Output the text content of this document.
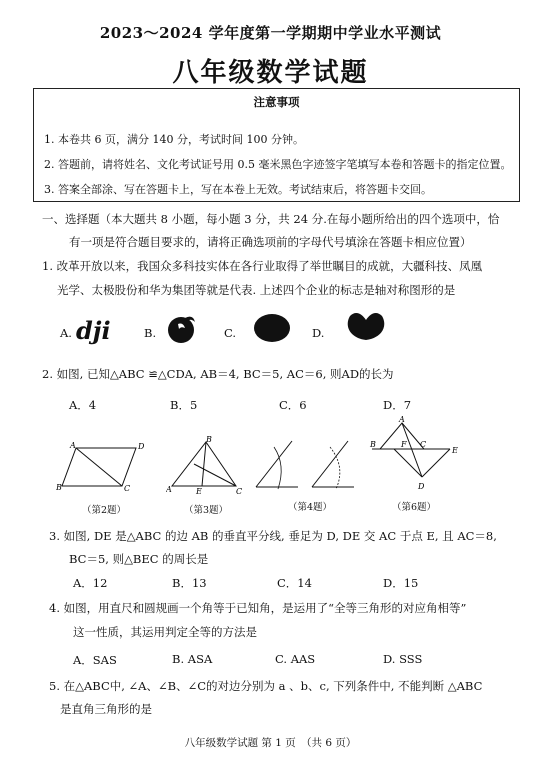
2023～2024 学年度第一学期期中学业水平测试
八年级数学试题
注意事项
1. 本卷共 6 页，满分 140 分，考试时间 100 分钟。
2. 答题前，请将姓名、文化考试证号用 0.5 毫米黑色字迹签字笔填写本卷和答题卡的指定位置。
3. 答案全部涂、写在答题卡上，写在本卷上无效。考试结束后，将答题卡交回。
一、选择题（本大题共 8 小题，每小题 3 分，共 24 分.在每小题所给出的四个选项中，恰
有一项是符合题目要求的，请将正确选项前的字母代号填涂在答题卡相应位置）
1. 改革开放以来，我国众多科技实体在各行业取得了举世瞩目的成就，大疆科技、凤凰
光学、太极股份和华为集团等就是代表. 上述四个企业的标志是轴对称图形的是
A. dji	B.	C.	D.
2. 如图, 已知△ABC ≌△CDA, AB＝4, BC＝5, AC＝6, 则AD的长为
A．4	B．5	C．6	D．7
A	D
B	C
B
A	E	C
A
B	F C
E
D
（第2题）	（第3题）	（第4题）	（第6题）
3. 如图, DE 是△ABC 的边 AB 的垂直平分线, 垂足为 D, DE 交 AC 于点 E, 且 AC＝8,
BC＝5, 则△BEC 的周长是
A．12	B．13	C．14	D．15
4. 如图，用直尺和圆规画一个角等于已知角，是运用了“全等三角形的对应角相等”
这一性质，其运用判定全等的方法是
A．SAS	B. ASA	C. AAS	D. SSS
5. 在△ABC中, ∠A、∠B、∠C的对边分别为 a 、b、c, 下列条件中, 不能判断 △ABC
是直角三角形的是
八年级数学试题 第 1 页　（共 6 页）
